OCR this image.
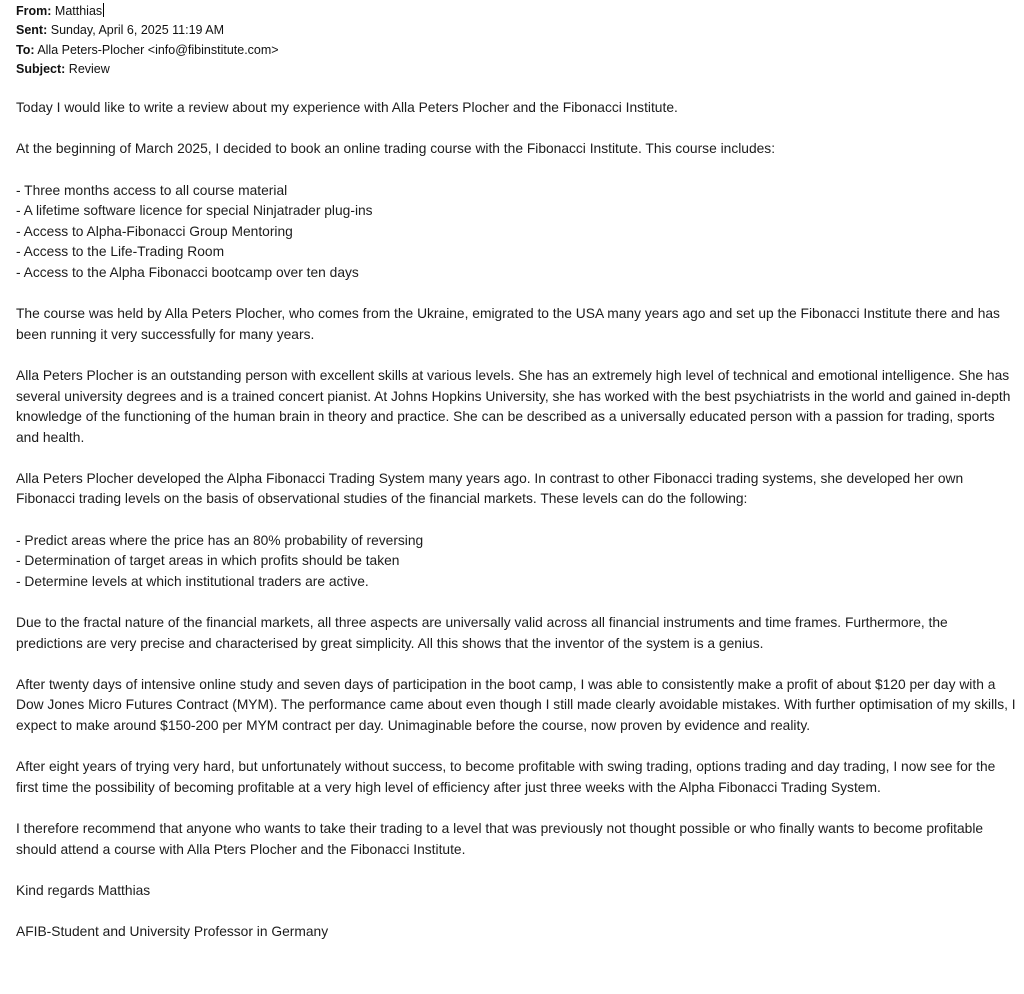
From: Matthias
Sent: Sunday, April 6, 2025 11:19 AM
To: Alla Peters-Plocher <info@fibinstitute.com>
Subject: Review

Today I would like to write a review about my experience with Alla Peters Plocher and the Fibonacci Institute.

At the beginning of March 2025, I decided to book an online trading course with the Fibonacci Institute. This course includes:

- Three months access to all course material
- A lifetime software licence for special Ninjatrader plug-ins
- Access to Alpha-Fibonacci Group Mentoring
- Access to the Life-Trading Room
- Access to the Alpha Fibonacci bootcamp over ten days

The course was held by Alla Peters Plocher, who comes from the Ukraine, emigrated to the USA many years ago and set up the Fibonacci Institute there and has been running it very successfully for many years.

Alla Peters Plocher is an outstanding person with excellent skills at various levels. She has an extremely high level of technical and emotional intelligence. She has several university degrees and is a trained concert pianist. At Johns Hopkins University, she has worked with the best psychiatrists in the world and gained in-depth knowledge of the functioning of the human brain in theory and practice. She can be described as a universally educated person with a passion for trading, sports and health.

Alla Peters Plocher developed the Alpha Fibonacci Trading System many years ago. In contrast to other Fibonacci trading systems, she developed her own Fibonacci trading levels on the basis of observational studies of the financial markets. These levels can do the following:

- Predict areas where the price has an 80% probability of reversing
- Determination of target areas in which profits should be taken
- Determine levels at which institutional traders are active.

Due to the fractal nature of the financial markets, all three aspects are universally valid across all financial instruments and time frames. Furthermore, the predictions are very precise and characterised by great simplicity. All this shows that the inventor of the system is a genius.

After twenty days of intensive online study and seven days of participation in the boot camp, I was able to consistently make a profit of about $120 per day with a Dow Jones Micro Futures Contract (MYM). The performance came about even though I still made clearly avoidable mistakes. With further optimisation of my skills, I expect to make around $150-200 per MYM contract per day. Unimaginable before the course, now proven by evidence and reality.

After eight years of trying very hard, but unfortunately without success, to become profitable with swing trading, options trading and day trading, I now see for the first time the possibility of becoming profitable at a very high level of efficiency after just three weeks with the Alpha Fibonacci Trading System.

I therefore recommend that anyone who wants to take their trading to a level that was previously not thought possible or who finally wants to become profitable should attend a course with Alla Pters Plocher and the Fibonacci Institute.

Kind regards Matthias

AFIB-Student and University Professor in Germany
